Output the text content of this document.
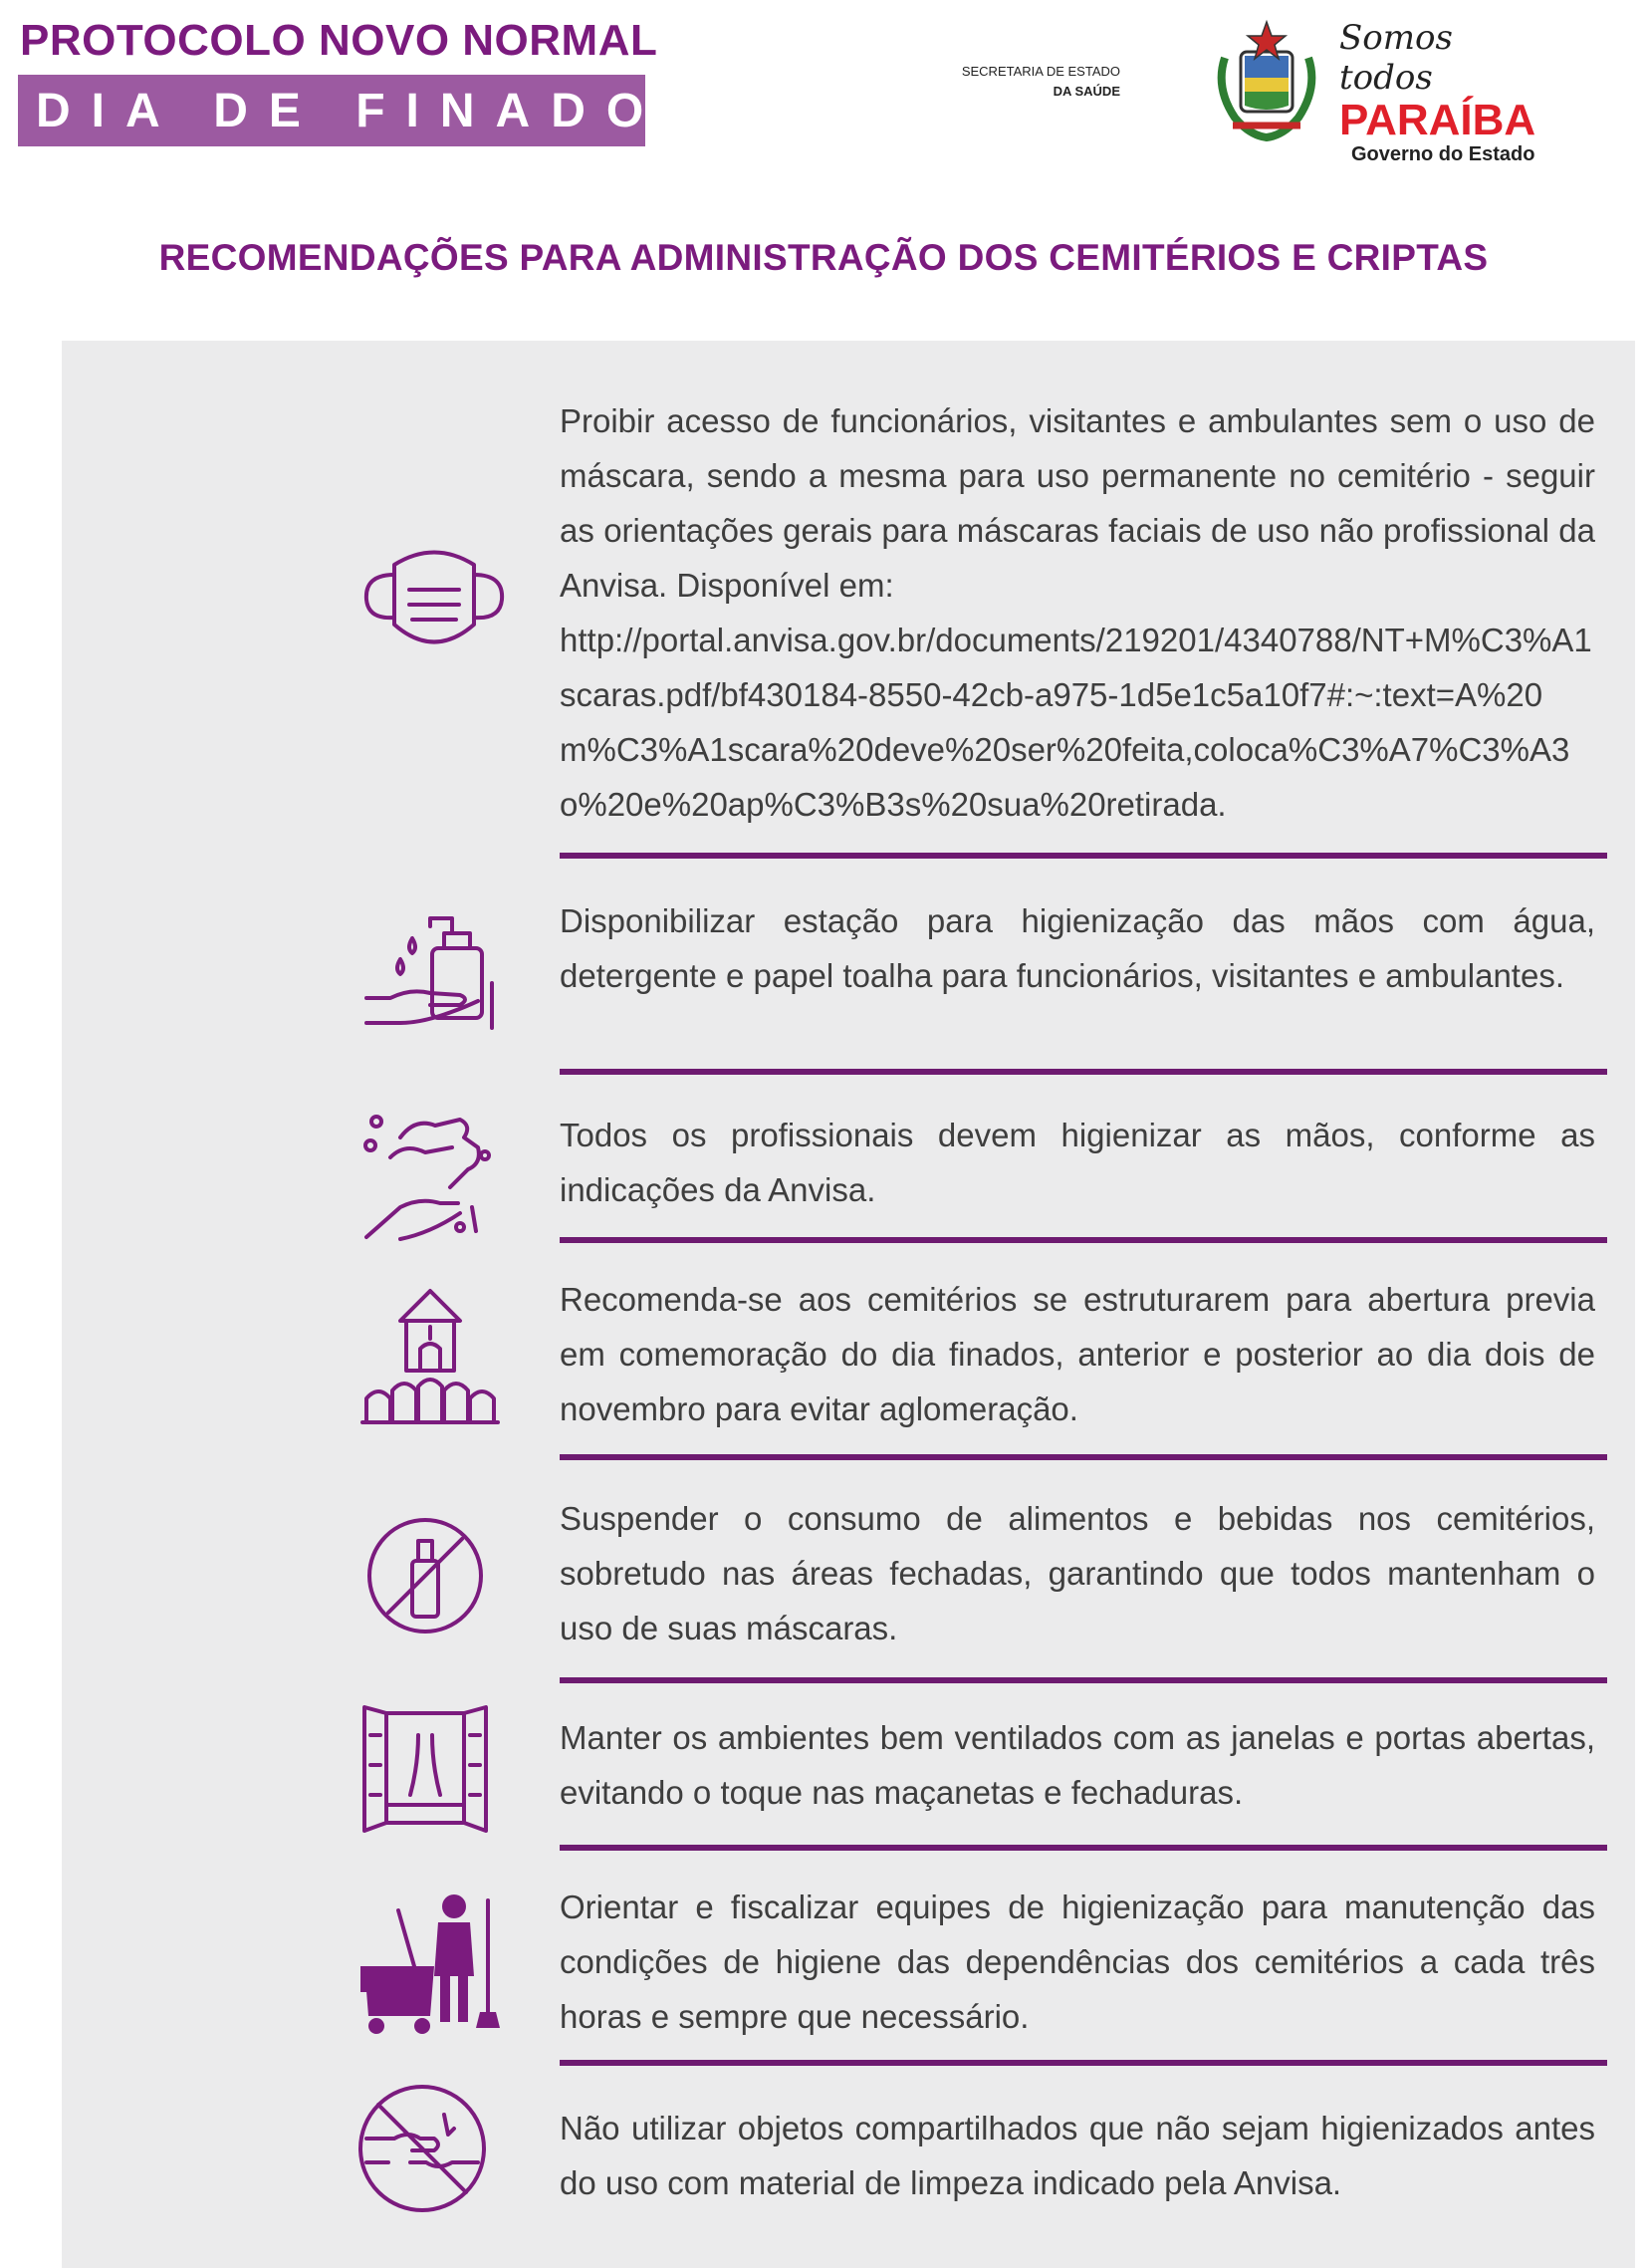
PROTOCOLO NOVO NORMAL
DIA DE FINADOS
SECRETARIA DE ESTADO
DA SAÚDE
Somos todos
PARAÍBA
Governo do Estado
RECOMENDAÇÕES PARA ADMINISTRAÇÃO DOS CEMITÉRIOS E CRIPTAS
Proibir acesso de funcionários, visitantes e ambulantes sem o uso de máscara, sendo a mesma para uso permanente no cemitério - seguir as orientações gerais para máscaras faciais de uso não profissional da Anvisa. Disponível em:
http://portal.anvisa.gov.br/documents/219201/4340788/NT+M%C3%A1scaras.pdf/bf430184-8550-42cb-a975-1d5e1c5a10f7#:~:text=A%20m%C3%A1scara%20deve%20ser%20feita,coloca%C3%A7%C3%A3o%20e%20ap%C3%B3s%20sua%20retirada.
Disponibilizar estação para higienização das mãos com água, detergente e papel toalha para funcionários, visitantes e ambulantes.
Todos os profissionais devem higienizar as mãos, conforme as indicações da Anvisa.
Recomenda-se aos cemitérios se estruturarem para abertura previa em comemoração do dia finados, anterior e posterior ao dia dois de novembro para evitar aglomeração.
Suspender o consumo de alimentos e bebidas nos cemitérios, sobretudo nas áreas fechadas, garantindo que todos mantenham o uso de suas máscaras.
Manter os ambientes bem ventilados com as janelas e portas abertas, evitando o toque nas maçanetas e fechaduras.
Orientar e fiscalizar equipes de higienização para manutenção das condições de higiene das dependências dos cemitérios a cada três horas e sempre que necessário.
Não utilizar objetos compartilhados que não sejam higienizados antes do uso com material de limpeza indicado pela Anvisa.
